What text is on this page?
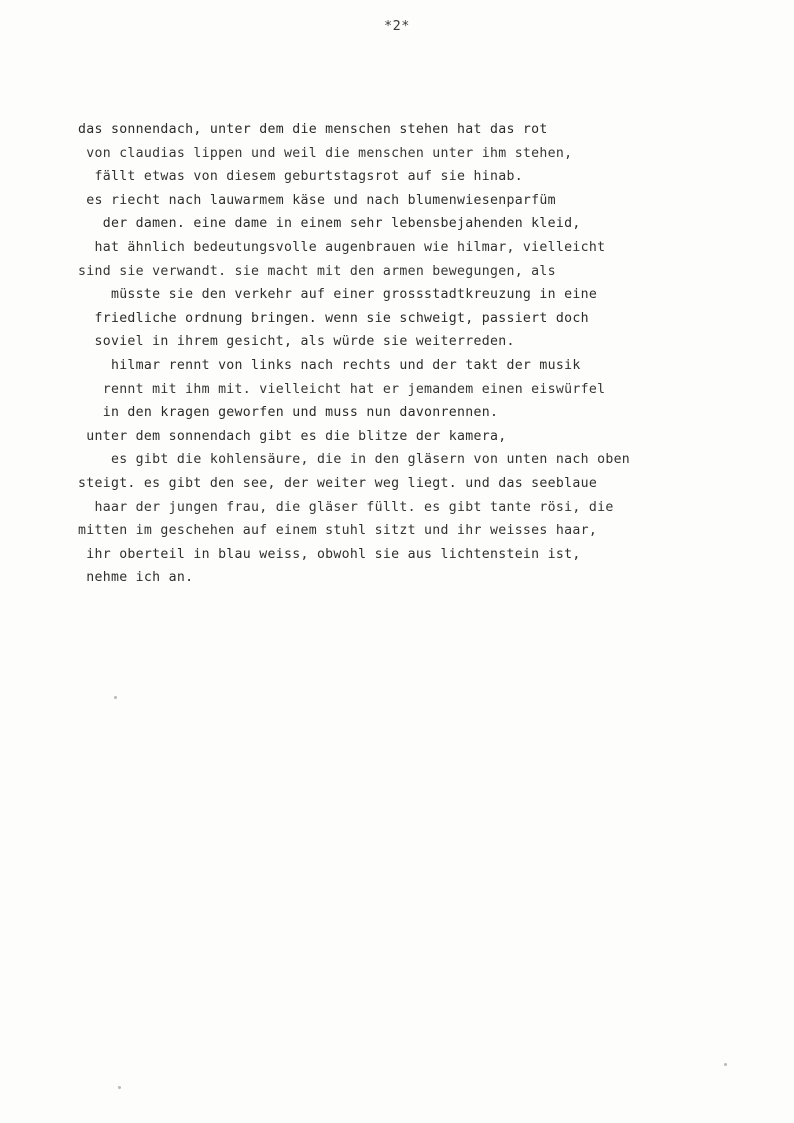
*2*
das sonnendach, unter dem die menschen stehen hat das rot
von claudias lippen und weil die menschen unter ihm stehen,
fällt etwas von diesem geburtstagsrot auf sie hinab.
es riecht nach lauwarmem käse und nach blumenwiesenparfüm
der damen. eine dame in einem sehr lebensbejahenden kleid,
hat ähnlich bedeutungsvolle augenbrauen wie hilmar, vielleicht
sind sie verwandt. sie macht mit den armen bewegungen, als
müsste sie den verkehr auf einer grossstadtkreuzung in eine
friedliche ordnung bringen. wenn sie schweigt, passiert doch
soviel in ihrem gesicht, als würde sie weiterreden.
hilmar rennt von links nach rechts und der takt der musik
rennt mit ihm mit. vielleicht hat er jemandem einen eiswürfel
in den kragen geworfen und muss nun davonrennen.
unter dem sonnendach gibt es die blitze der kamera,
es gibt die kohlensäure, die in den gläsern von unten nach oben
steigt. es gibt den see, der weiter weg liegt. und das seeblaue
haar der jungen frau, die gläser füllt. es gibt tante rösi, die
mitten im geschehen auf einem stuhl sitzt und ihr weisses haar,
ihr oberteil in blau weiss, obwohl sie aus lichtenstein ist,
nehme ich an.
